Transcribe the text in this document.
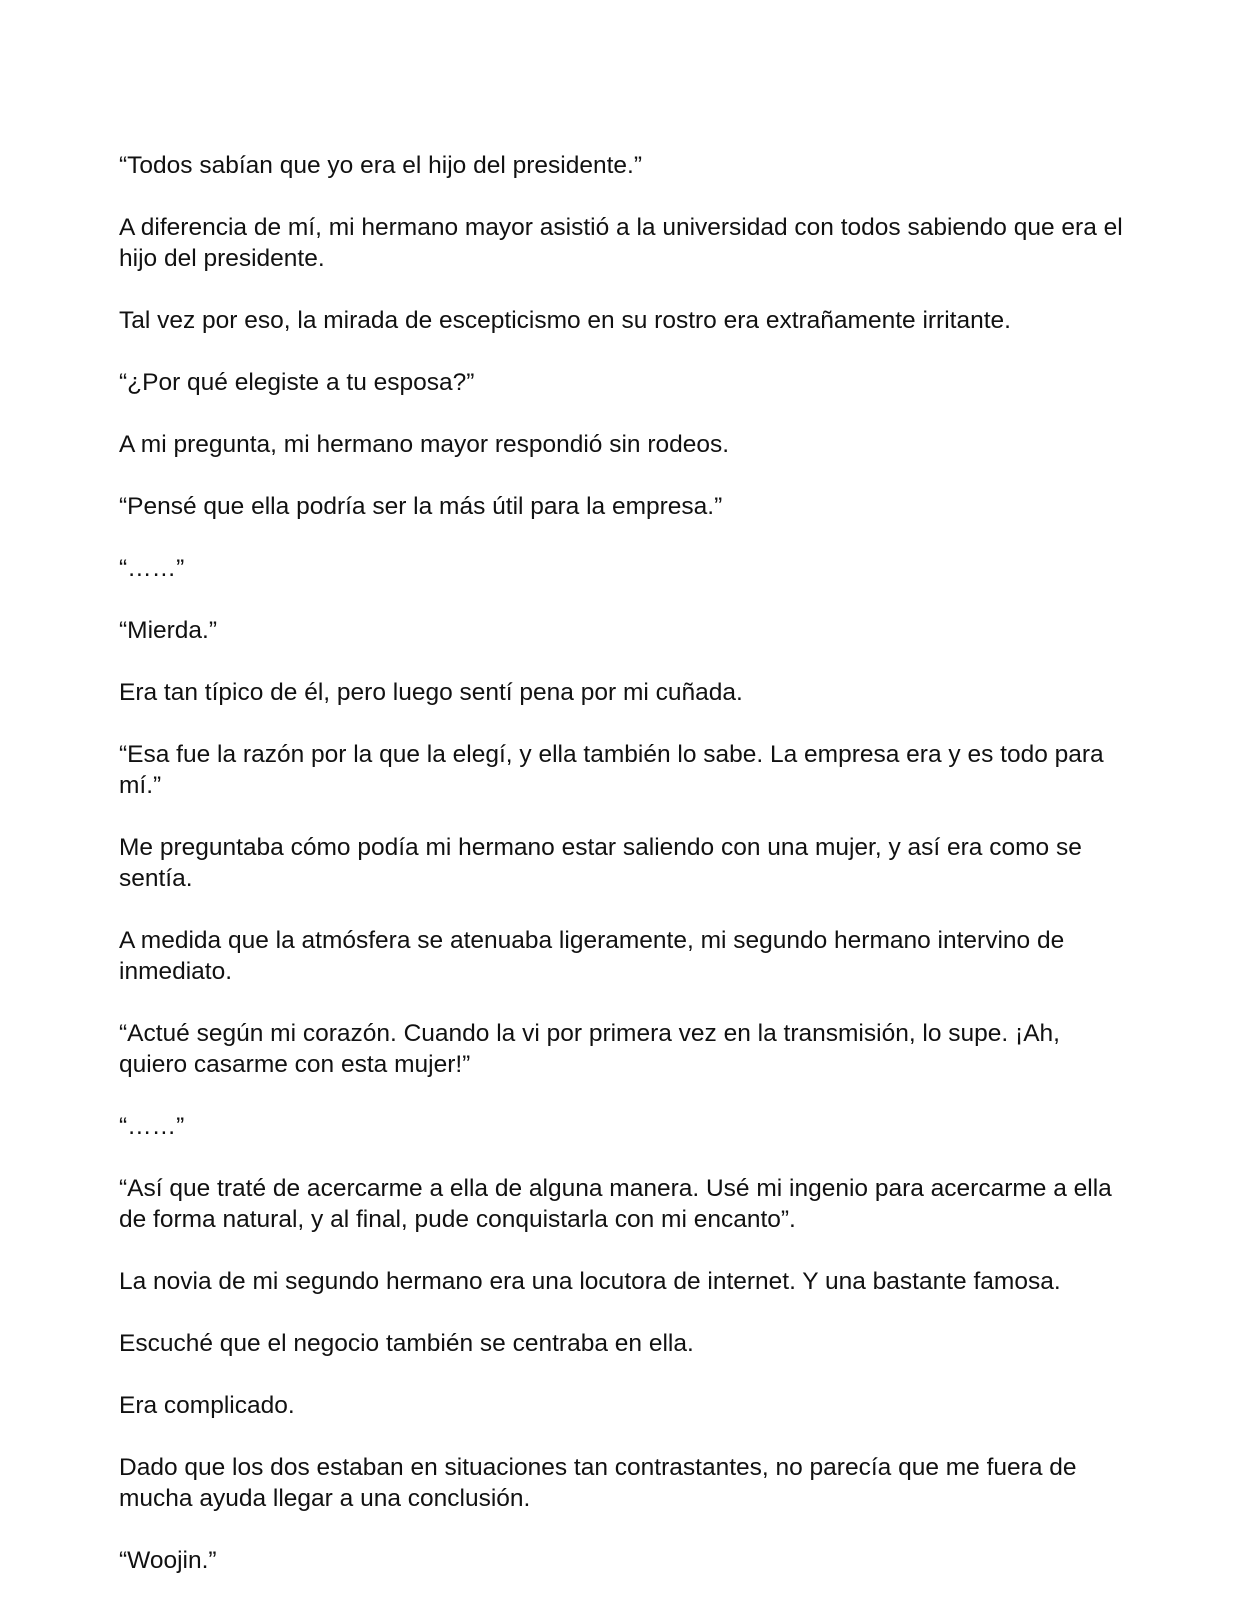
“Todos sabían que yo era el hijo del presidente.”

A diferencia de mí, mi hermano mayor asistió a la universidad con todos sabiendo que era el hijo del presidente.

Tal vez por eso, la mirada de escepticismo en su rostro era extrañamente irritante.

“¿Por qué elegiste a tu esposa?”

A mi pregunta, mi hermano mayor respondió sin rodeos.

“Pensé que ella podría ser la más útil para la empresa.”

“……”

“Mierda.”

Era tan típico de él, pero luego sentí pena por mi cuñada.

“Esa fue la razón por la que la elegí, y ella también lo sabe. La empresa era y es todo para mí.”

Me preguntaba cómo podía mi hermano estar saliendo con una mujer, y así era como se sentía.

A medida que la atmósfera se atenuaba ligeramente, mi segundo hermano intervino de inmediato.

“Actué según mi corazón. Cuando la vi por primera vez en la transmisión, lo supe. ¡Ah, quiero casarme con esta mujer!”

“……”

“Así que traté de acercarme a ella de alguna manera. Usé mi ingenio para acercarme a ella de forma natural, y al final, pude conquistarla con mi encanto”.

La novia de mi segundo hermano era una locutora de internet. Y una bastante famosa.

Escuché que el negocio también se centraba en ella.

Era complicado.

Dado que los dos estaban en situaciones tan contrastantes, no parecía que me fuera de mucha ayuda llegar a una conclusión.

“Woojin.”
